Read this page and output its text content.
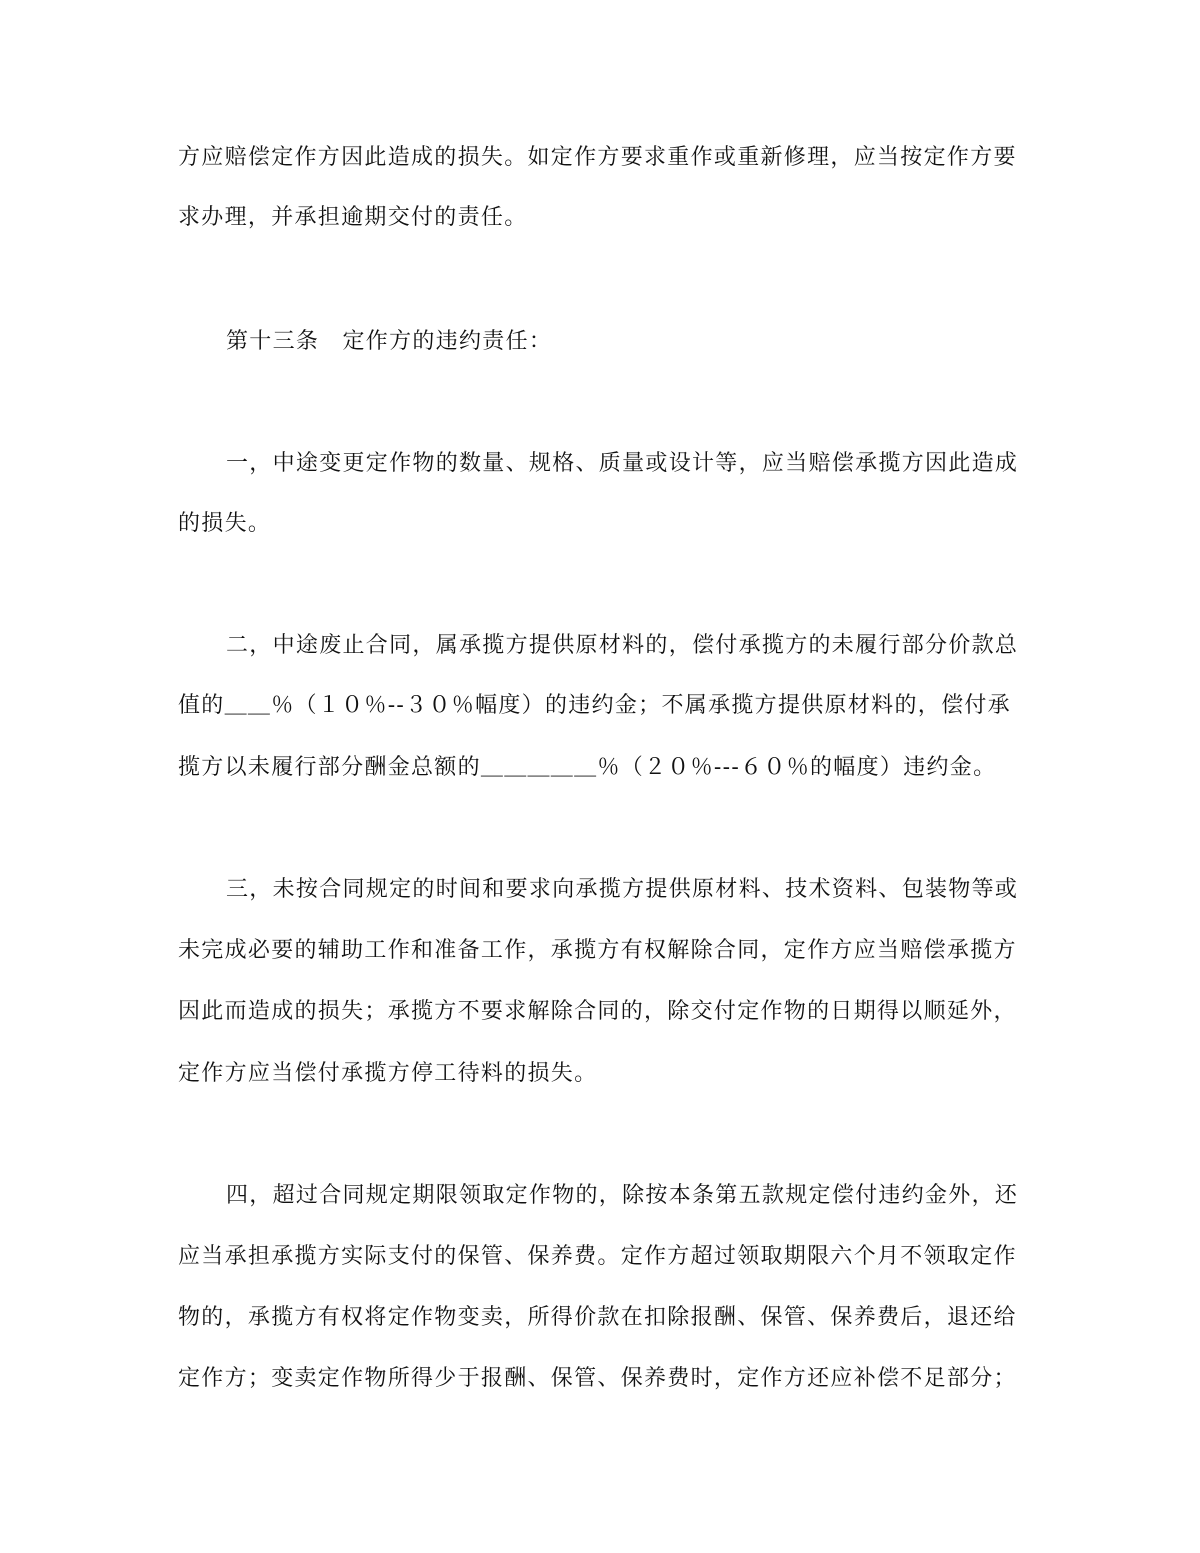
方应赔偿定作方因此造成的损失。如定作方要求重作或重新修理，应当按定作方要
求办理，并承担逾期交付的责任。
第十三条　定作方的违约责任：
一，中途变更定作物的数量、规格、质量或设计等，应当赔偿承揽方因此造成
的损失。
二，中途废止合同，属承揽方提供原材料的，偿付承揽方的未履行部分价款总
值的＿＿％（１０％--３０％幅度）的违约金；不属承揽方提供原材料的，偿付承
揽方以未履行部分酬金总额的＿＿＿＿＿％（２０％---６０％的幅度）违约金。
三，未按合同规定的时间和要求向承揽方提供原材料、技术资料、包装物等或
未完成必要的辅助工作和准备工作，承揽方有权解除合同，定作方应当赔偿承揽方
因此而造成的损失；承揽方不要求解除合同的，除交付定作物的日期得以顺延外，
定作方应当偿付承揽方停工待料的损失。
四，超过合同规定期限领取定作物的，除按本条第五款规定偿付违约金外，还
应当承担承揽方实际支付的保管、保养费。定作方超过领取期限六个月不领取定作
物的，承揽方有权将定作物变卖，所得价款在扣除报酬、保管、保养费后，退还给
定作方；变卖定作物所得少于报酬、保管、保养费时，定作方还应补偿不足部分；
